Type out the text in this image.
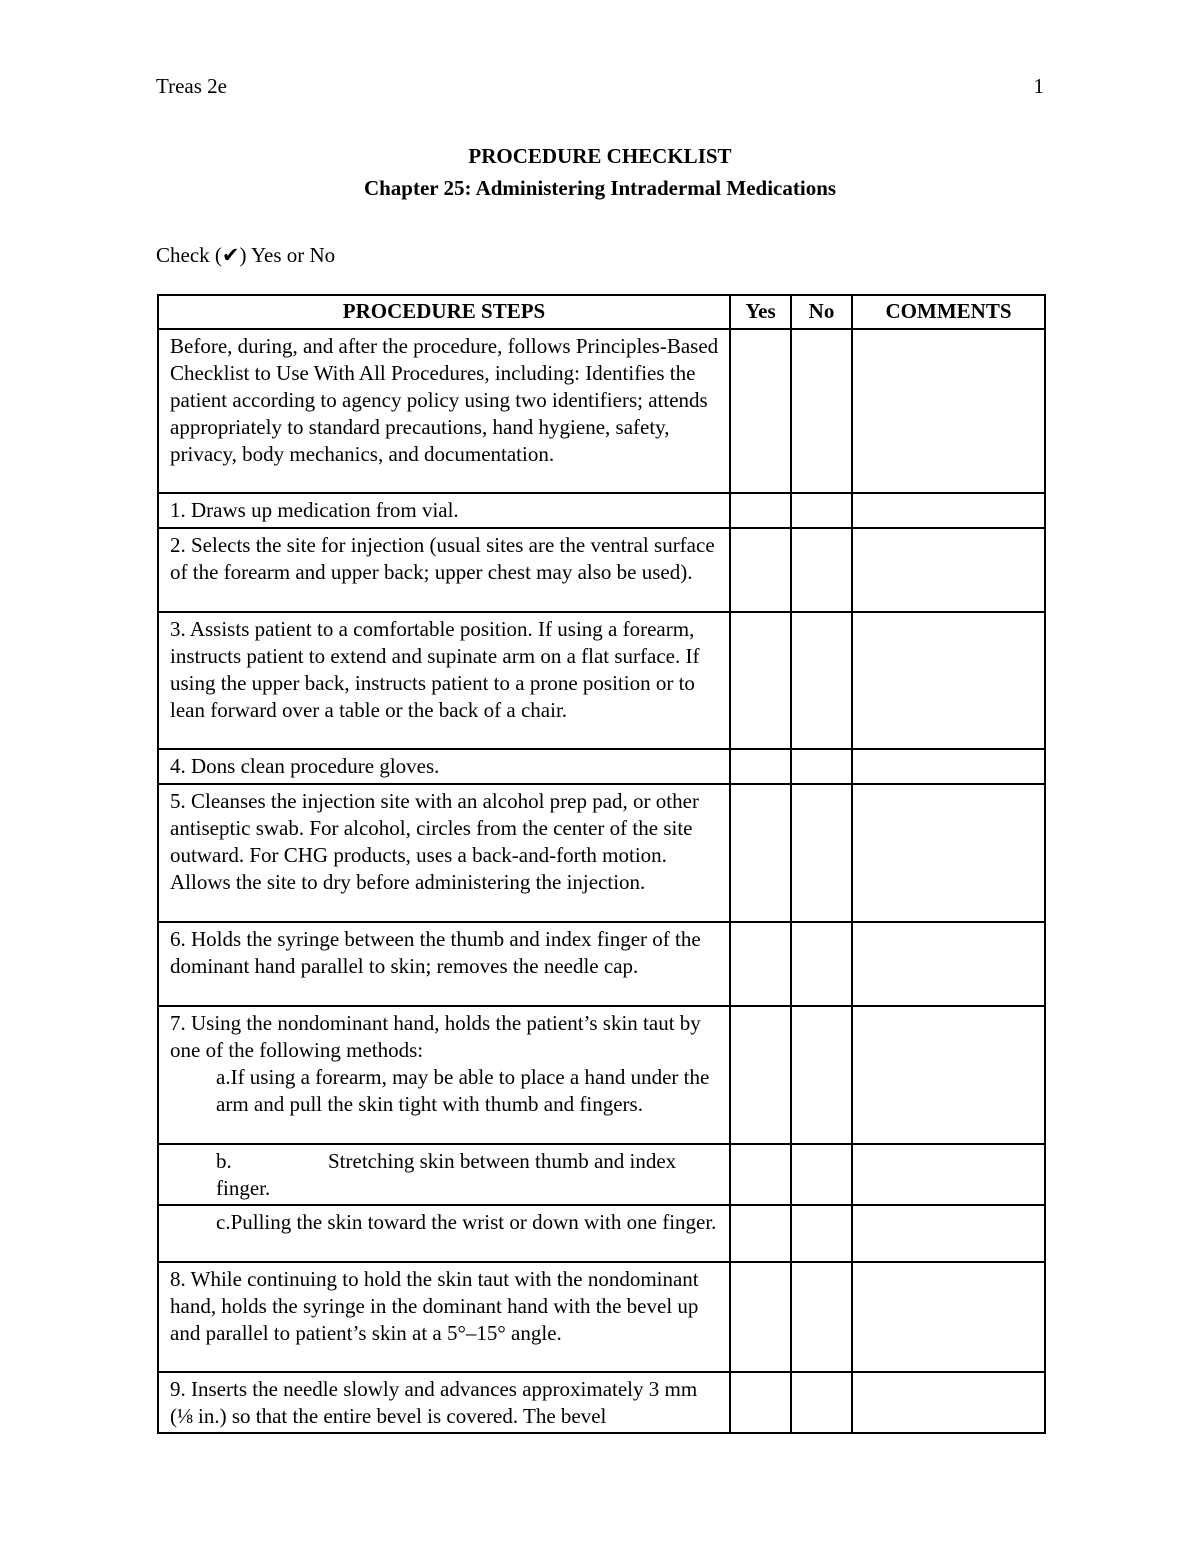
Treas 2e	1
PROCEDURE CHECKLIST
Chapter 25: Administering Intradermal Medications
Check (✔) Yes or No
PROCEDURE STEPS	Yes	No	COMMENTS
Before, during, and after the procedure, follows Principles-Based Checklist to Use With All Procedures, including: Identifies the patient according to agency policy using two identifiers; attends appropriately to standard precautions, hand hygiene, safety, privacy, body mechanics, and documentation.			
1. Draws up medication from vial.			
2. Selects the site for injection (usual sites are the ventral surface of the forearm and upper back; upper chest may also be used).			
3. Assists patient to a comfortable position. If using a forearm, instructs patient to extend and supinate arm on a flat surface. If using the upper back, instructs patient to a prone position or to lean forward over a table or the back of a chair.			
4. Dons clean procedure gloves.			
5. Cleanses the injection site with an alcohol prep pad, or other antiseptic swab. For alcohol, circles from the center of the site outward. For CHG products, uses a back-and-forth motion. Allows the site to dry before administering the injection.			
6. Holds the syringe between the thumb and index finger of the dominant hand parallel to skin; removes the needle cap.			

7. Using the nondominant hand, holds the patient’s skin taut by one of the following methods:
a.If using a forearm, may be able to place a hand under the arm and pull the skin tight with thumb and fingers.			

b. Stretching skin between thumb and index finger.			

c.Pulling the skin toward the wrist or down with one finger.			

8. While continuing to hold the skin taut with the nondominant hand, holds the syringe in the dominant hand with the bevel up and parallel to patient’s skin at a 5°–15° angle.			
9. Inserts the needle slowly and advances approximately 3 mm (⅛ in.) so that the entire bevel is covered. The bevel			
